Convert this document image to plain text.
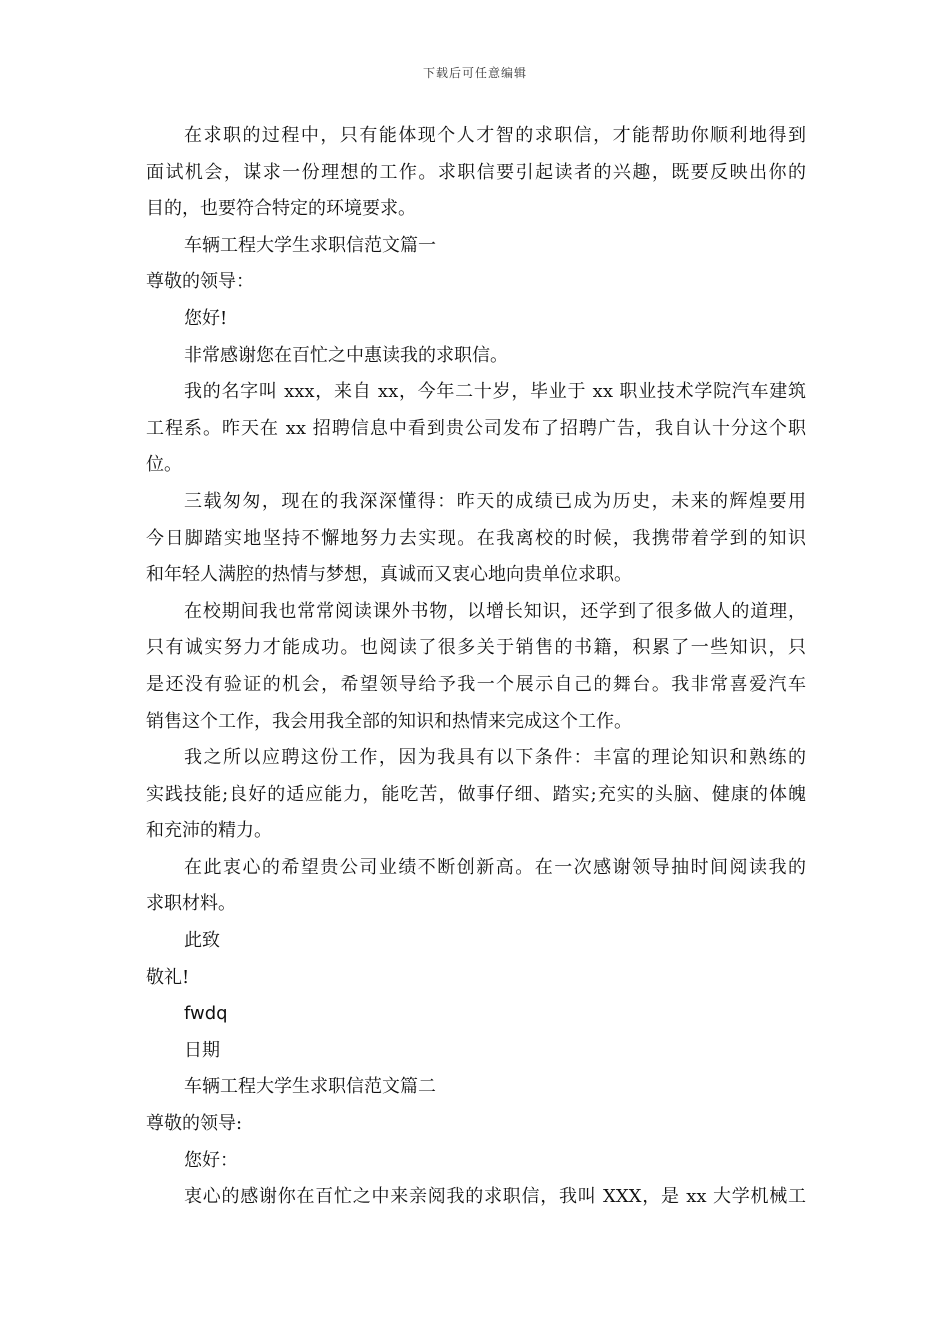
下载后可任意编辑
在求职的过程中，只有能体现个人才智的求职信，才能帮助你顺利地得到
面试机会，谋求一份理想的工作。求职信要引起读者的兴趣，既要反映出你的
目的，也要符合特定的环境要求。
车辆工程大学生求职信范文篇一
尊敬的领导：
您好!
非常感谢您在百忙之中惠读我的求职信。
我的名字叫 xxx，来自 xx，今年二十岁，毕业于 xx 职业技术学院汽车建筑
工程系。昨天在 xx 招聘信息中看到贵公司发布了招聘广告，我自认十分这个职
位。
三载匆匆，现在的我深深懂得：昨天的成绩已成为历史，未来的辉煌要用
今日脚踏实地坚持不懈地努力去实现。在我离校的时候，我携带着学到的知识
和年轻人满腔的热情与梦想，真诚而又衷心地向贵单位求职。
在校期间我也常常阅读课外书物，以增长知识，还学到了很多做人的道理，
只有诚实努力才能成功。也阅读了很多关于销售的书籍，积累了一些知识，只
是还没有验证的机会，希望领导给予我一个展示自己的舞台。我非常喜爱汽车
销售这个工作，我会用我全部的知识和热情来完成这个工作。
我之所以应聘这份工作，因为我具有以下条件：丰富的理论知识和熟练的
实践技能;良好的适应能力，能吃苦，做事仔细、踏实;充实的头脑、健康的体魄
和充沛的精力。
在此衷心的希望贵公司业绩不断创新高。在一次感谢领导抽时间阅读我的
求职材料。
此致
敬礼!
fwdq
日期
车辆工程大学生求职信范文篇二
尊敬的领导:
您好：
衷心的感谢你在百忙之中来亲阅我的求职信，我叫 XXX，是 xx 大学机械工
